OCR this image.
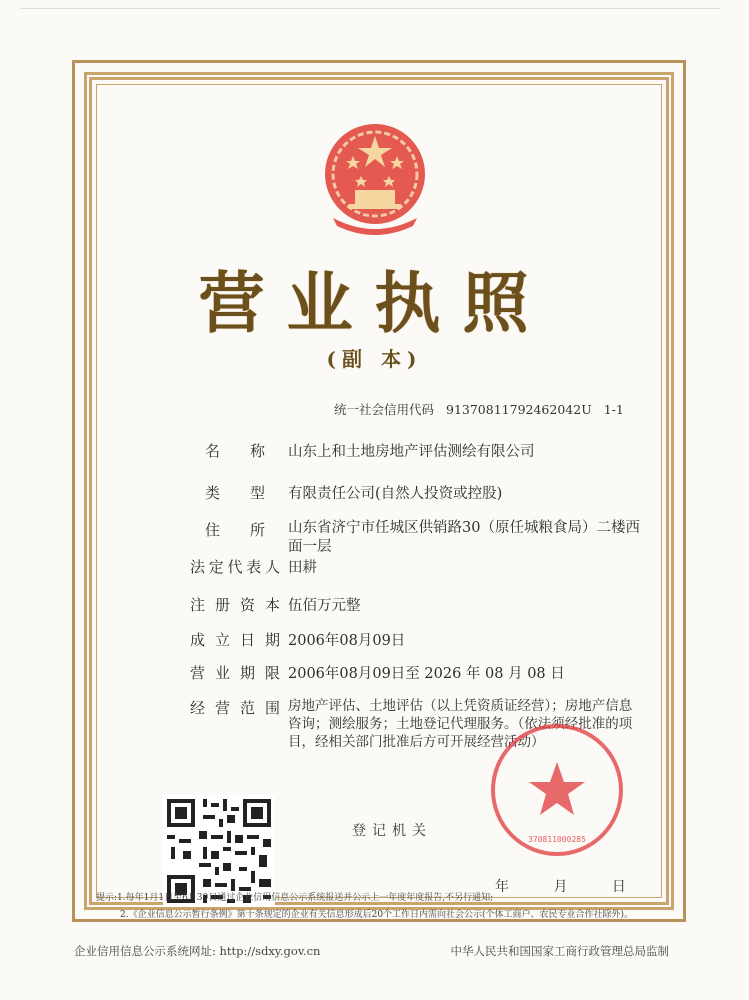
营业执照
(副 本)
统一社会信用代码 91370811792462042U 1-1
名 称 山东上和土地房地产评估测绘有限公司
类 型 有限责任公司(自然人投资或控股)
住 所 山东省济宁市任城区供销路30（原任城粮食局）二楼西面一层
法 定 代 表 人 田耕
注 册 资 本 伍佰万元整
成 立 日 期 2006年08月09日
营 业 期 限 2006年08月09日至 2026 年 08 月 08 日
经 营 范 围 房地产评估、土地评估（以上凭资质证经营）；房地产信息咨询；测绘服务；土地登记代理服务。（依法须经批准的项目，经相关部门批准后方可开展经营活动）
登记机关
年	月	日
提示:1.每年1月1日至6月30日通过企业信用信息公示系统报送并公示上一年度年度报告,不另行通知;
2.《企业信息公示暂行条例》第十条规定的企业有关信息形成后20个工作日内需向社会公示(个体工商户、农民专业合作社除外)。
370811000285
企业信用信息公示系统网址: http://sdxy.gov.cn	中华人民共和国国家工商行政管理总局监制
